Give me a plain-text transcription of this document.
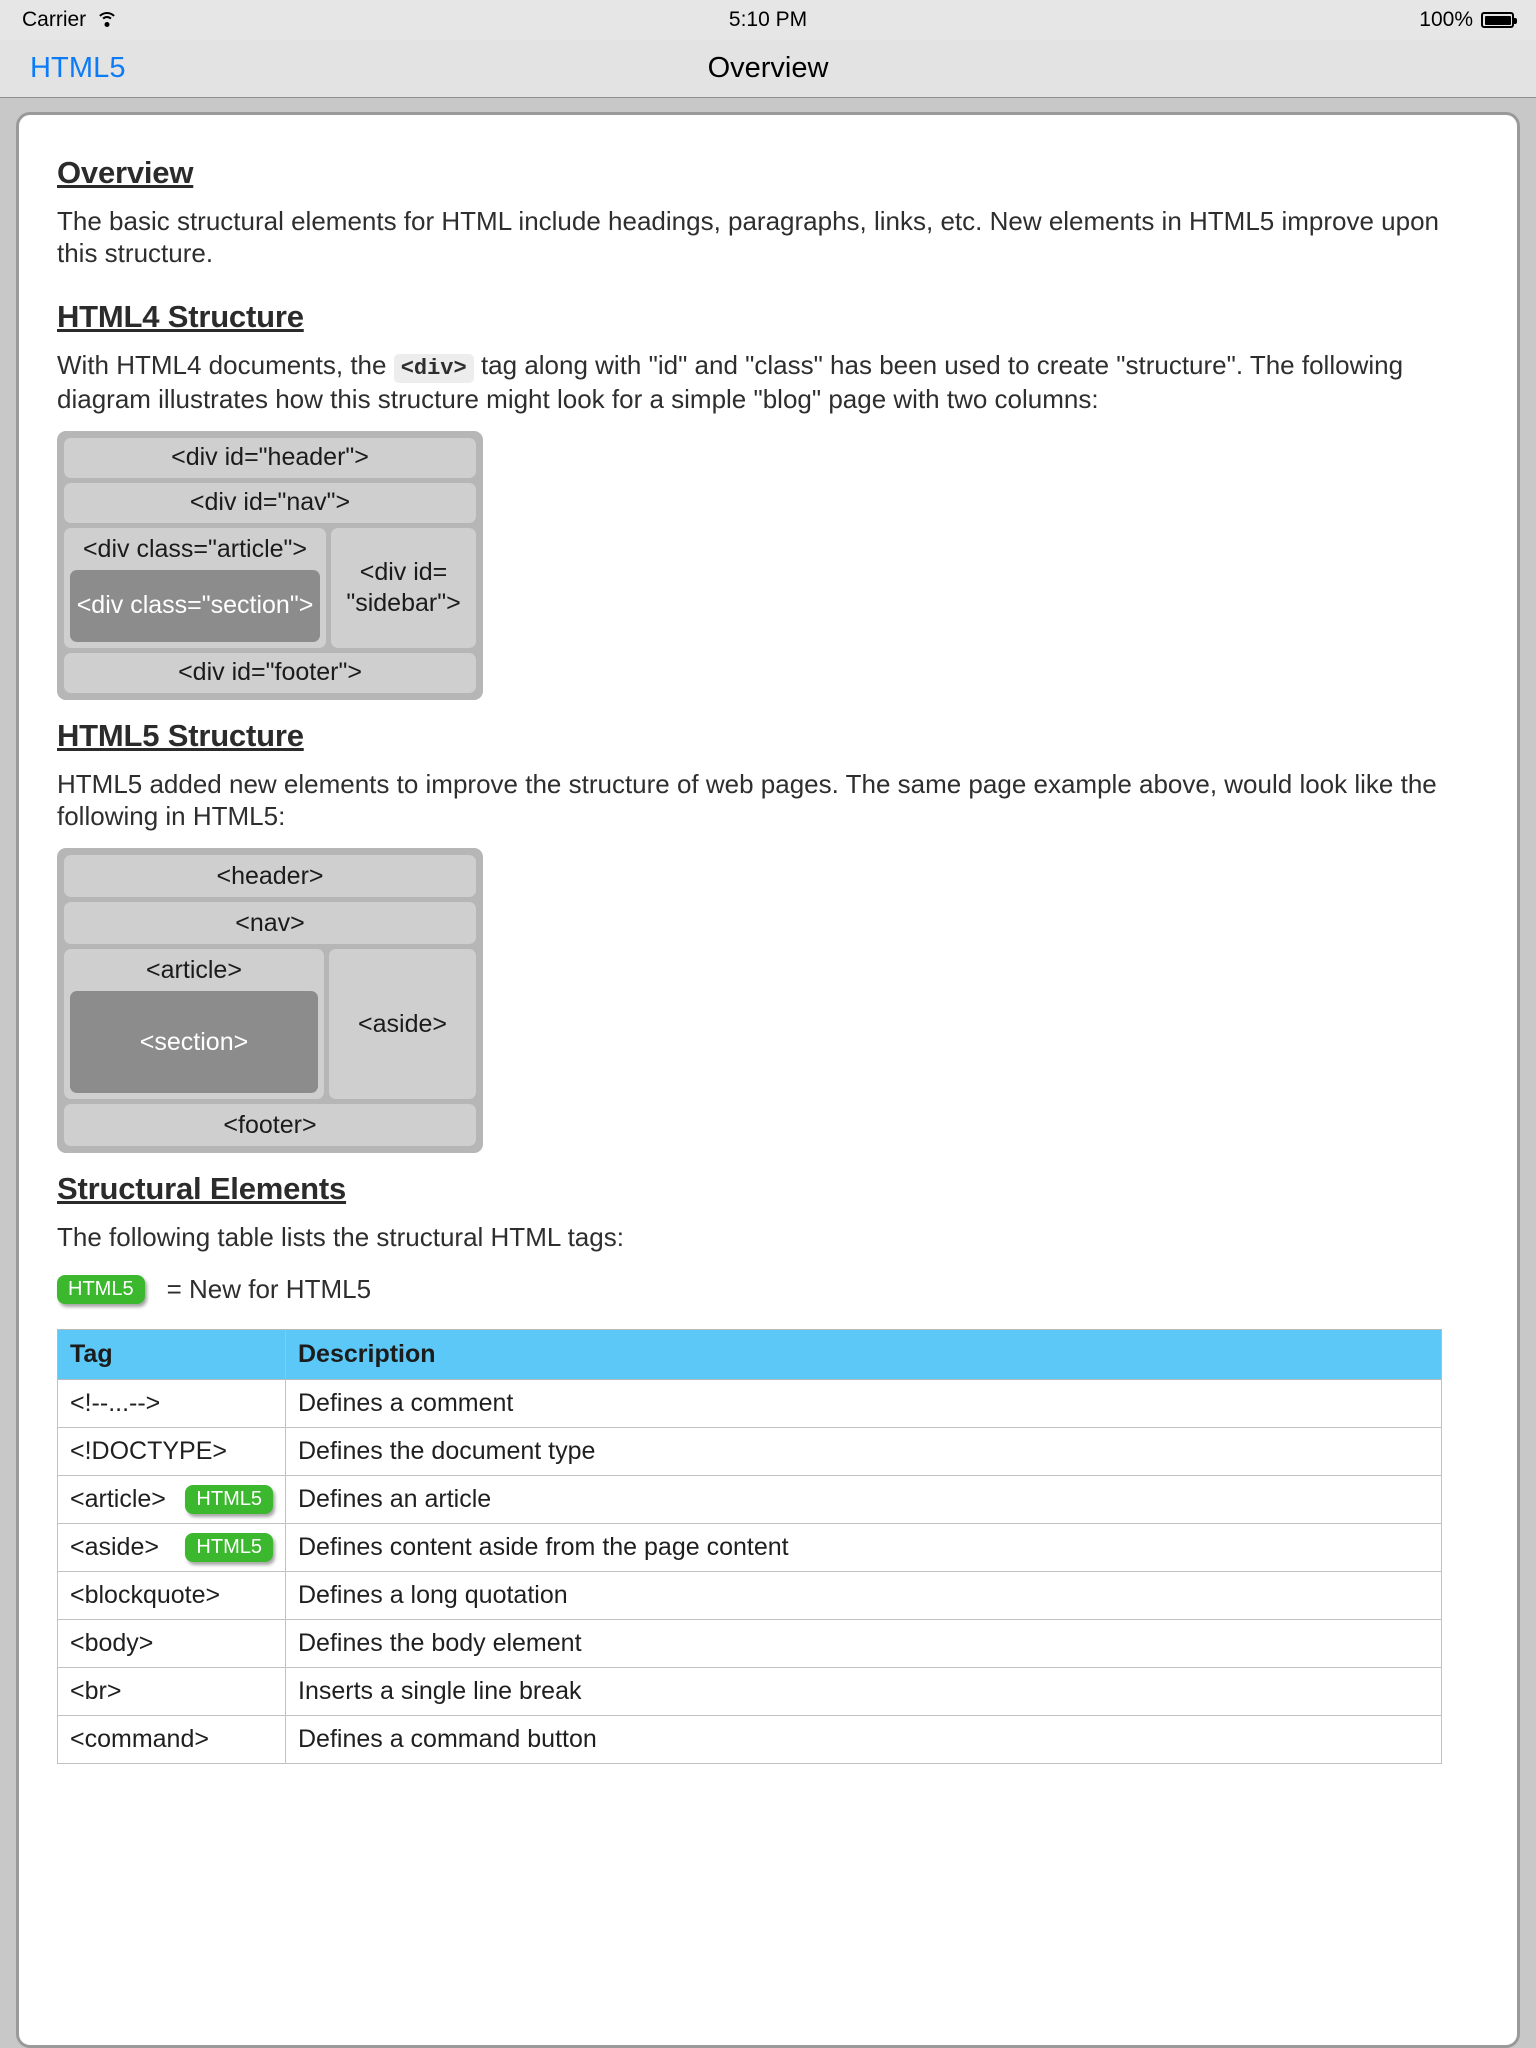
Carrier	5:10 PM	100%
HTML5	Overview
Overview

The basic structural elements for HTML include headings, paragraphs, links, etc. New elements in HTML5 improve upon this structure.

HTML4 Structure

With HTML4 documents, the <div> tag along with "id" and "class" has been used to create "structure". The following diagram illustrates how this structure might look for a simple "blog" page with two columns:

<div id="header">
<div id="nav">
<div class="article">
<div class="section">
<div id=
"sidebar">
<div id="footer">
HTML5 Structure

HTML5 added new elements to improve the structure of web pages. The same page example above, would look like the following in HTML5:

<header>
<nav>
<article>
<section>
<aside>
<footer>
Structural Elements

The following table lists the structural HTML tags:

HTML5	= New for HTML5
Tag	Description

<!--...-->	Defines a comment

<!DOCTYPE>	Defines the document type

<article> HTML5	Defines an article

<aside> HTML5	Defines content aside from the page content

<blockquote>	Defines a long quotation

<body>	Defines the body element

<br>	Inserts a single line break

<command>	Defines a command button
